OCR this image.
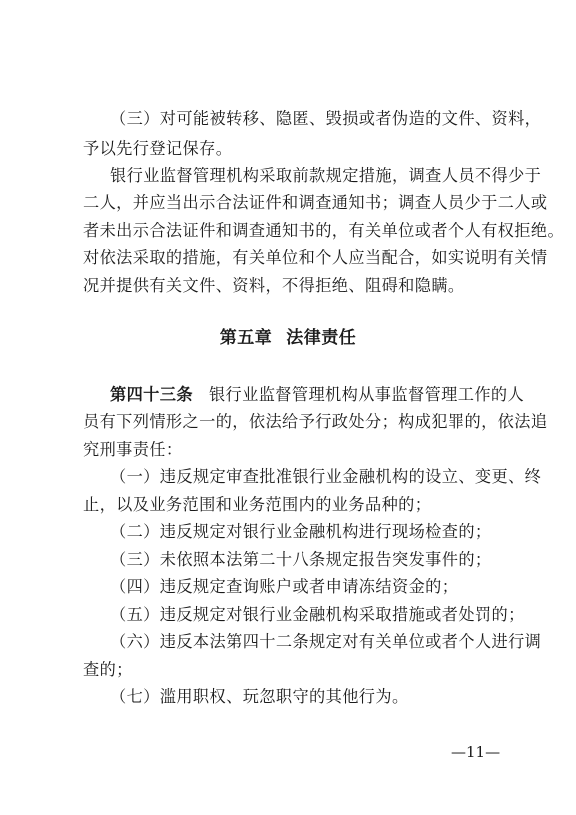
（三）对可能被转移、隐匿、毁损或者伪造的文件、资料，
予以先行登记保存。
银行业监督管理机构采取前款规定措施，调查人员不得少于
二人，并应当出示合法证件和调查通知书；调查人员少于二人或
者未出示合法证件和调查通知书的，有关单位或者个人有权拒绝。
对依法采取的措施，有关单位和个人应当配合，如实说明有关情
况并提供有关文件、资料，不得拒绝、阻碍和隐瞒。
第五章 法律责任
第四十三条 银行业监督管理机构从事监督管理工作的人
员有下列情形之一的，依法给予行政处分；构成犯罪的，依法追
究刑事责任：
（一）违反规定审查批准银行业金融机构的设立、变更、终
止，以及业务范围和业务范围内的业务品种的；
（二）违反规定对银行业金融机构进行现场检查的；
（三）未依照本法第二十八条规定报告突发事件的；
（四）违反规定查询账户或者申请冻结资金的；
（五）违反规定对银行业金融机构采取措施或者处罚的；
（六）违反本法第四十二条规定对有关单位或者个人进行调
查的；
（七）滥用职权、玩忽职守的其他行为。
—11—
